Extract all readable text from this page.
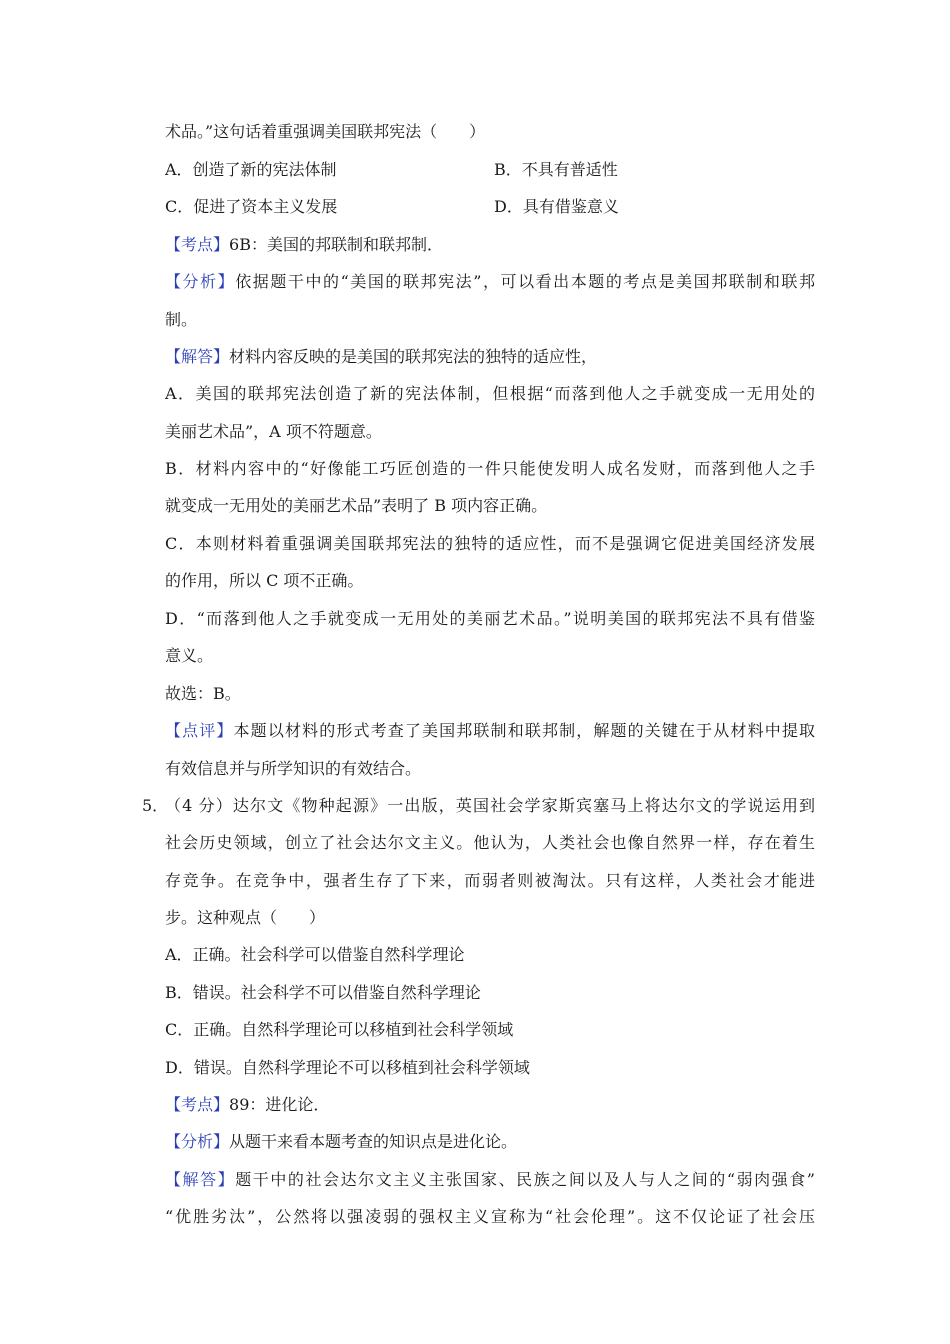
术品。”这句话着重强调美国联邦宪法（　　）
A．创造了新的宪法体制	B．不具有普适性
C．促进了资本主义发展	D．具有借鉴意义
【考点】6B：美国的邦联制和联邦制．
【分析】依据题干中的“美国的联邦宪法”，可以看出本题的考点是美国邦联制和联邦
制。
【解答】材料内容反映的是美国的联邦宪法的独特的适应性，
A．美国的联邦宪法创造了新的宪法体制，但根据“而落到他人之手就变成一无用处的
美丽艺术品”，A 项不符题意。
B．材料内容中的“好像能工巧匠创造的一件只能使发明人成名发财，而落到他人之手
就变成一无用处的美丽艺术品”表明了 B 项内容正确。
C．本则材料着重强调美国联邦宪法的独特的适应性，而不是强调它促进美国经济发展
的作用，所以 C 项不正确。
D．“而落到他人之手就变成一无用处的美丽艺术品。”说明美国的联邦宪法不具有借鉴
意义。
故选：B。
【点评】本题以材料的形式考查了美国邦联制和联邦制，解题的关键在于从材料中提取
有效信息并与所学知识的有效结合。
5．
（4 分）达尔文《物种起源》一出版，英国社会学家斯宾塞马上将达尔文的学说运用到
社会历史领域，创立了社会达尔文主义。他认为，人类社会也像自然界一样，存在着生
存竞争。在竞争中，强者生存了下来，而弱者则被淘汰。只有这样，人类社会才能进
步。这种观点（　　）
A．正确。社会科学可以借鉴自然科学理论
B．错误。社会科学不可以借鉴自然科学理论
C．正确。自然科学理论可以移植到社会科学领域
D．错误。自然科学理论不可以移植到社会科学领域
【考点】89：进化论．
【分析】从题干来看本题考查的知识点是进化论。
【解答】题干中的社会达尔文主义主张国家、民族之间以及人与人之间的“弱肉强食”
“优胜劣汰”，公然将以强凌弱的强权主义宣称为“社会伦理”。这不仅论证了社会压
